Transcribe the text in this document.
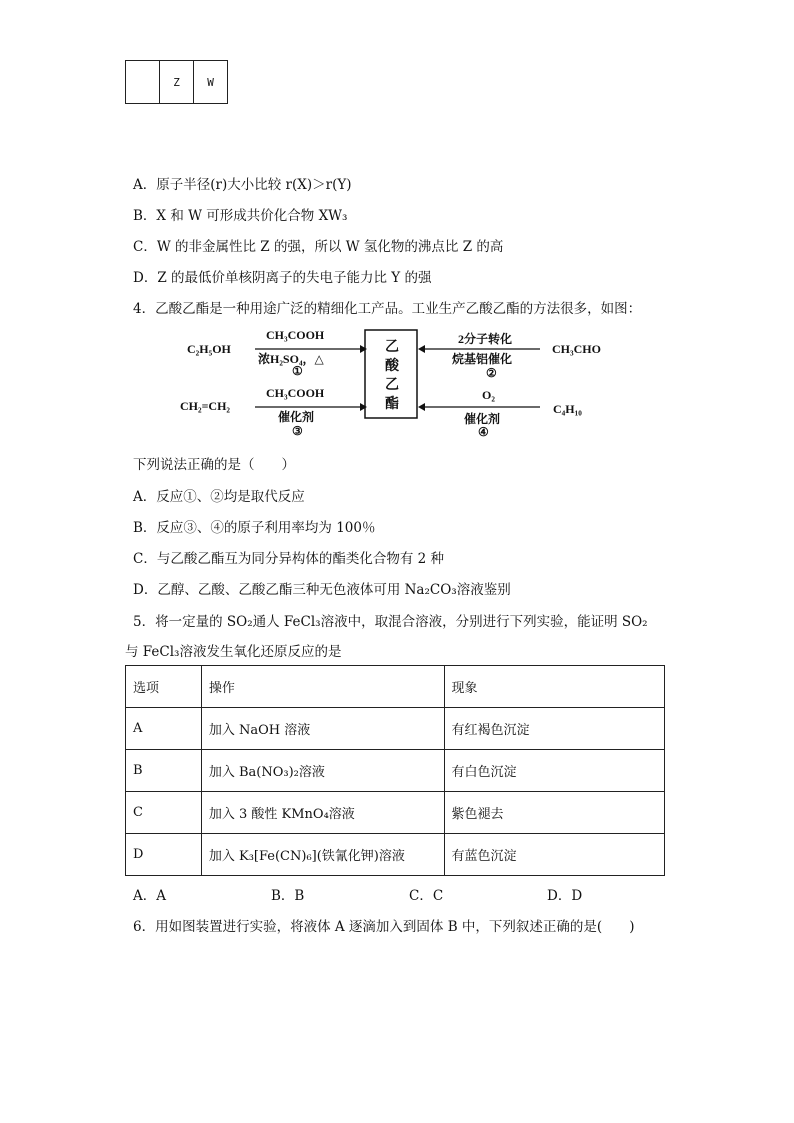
	Z	W
A．原子半径(r)大小比较 r(X)＞r(Y)
B．X 和 W 可形成共价化合物 XW₃
C．W 的非金属性比 Z 的强，所以 W 氢化物的沸点比 Z 的高
D．Z 的最低价单核阴离子的失电子能力比 Y 的强
4．乙酸乙酯是一种用途广泛的精细化工产品。工业生产乙酸乙酯的方法很多，如图：
C₂H₅OH
CH₃COOH
浓H₂SO₄，△
①
CH₂=CH₂
CH₃COOH
催化剂
③
乙
酸
乙
酯
CH₃CHO
2分子转化
烷基铝催化
②
C₄H₁₀
O₂
催化剂
④
下列说法正确的是（　　）
A．反应①、②均是取代反应
B．反应③、④的原子利用率均为 100％
C．与乙酸乙酯互为同分异构体的酯类化合物有 2 种
D．乙醇、乙酸、乙酸乙酯三种无色液体可用 Na₂CO₃溶液鉴别
5．将一定量的 SO₂通人 FeCl₃溶液中，取混合溶液，分别进行下列实验，能证明 SO₂
与 FeCl₃溶液发生氧化还原反应的是
选项	操作	现象
A	加入 NaOH 溶液	有红褐色沉淀
B	加入 Ba(NO₃)₂溶液	有白色沉淀
C	加入 3 酸性 KMnO₄溶液	紫色褪去
D	加入 K₃[Fe(CN)₆](铁氰化钾)溶液	有蓝色沉淀
A．A	B．B	C．C	D．D
6．用如图装置进行实验，将液体 A 逐滴加入到固体 B 中，下列叙述正确的是(　　)
